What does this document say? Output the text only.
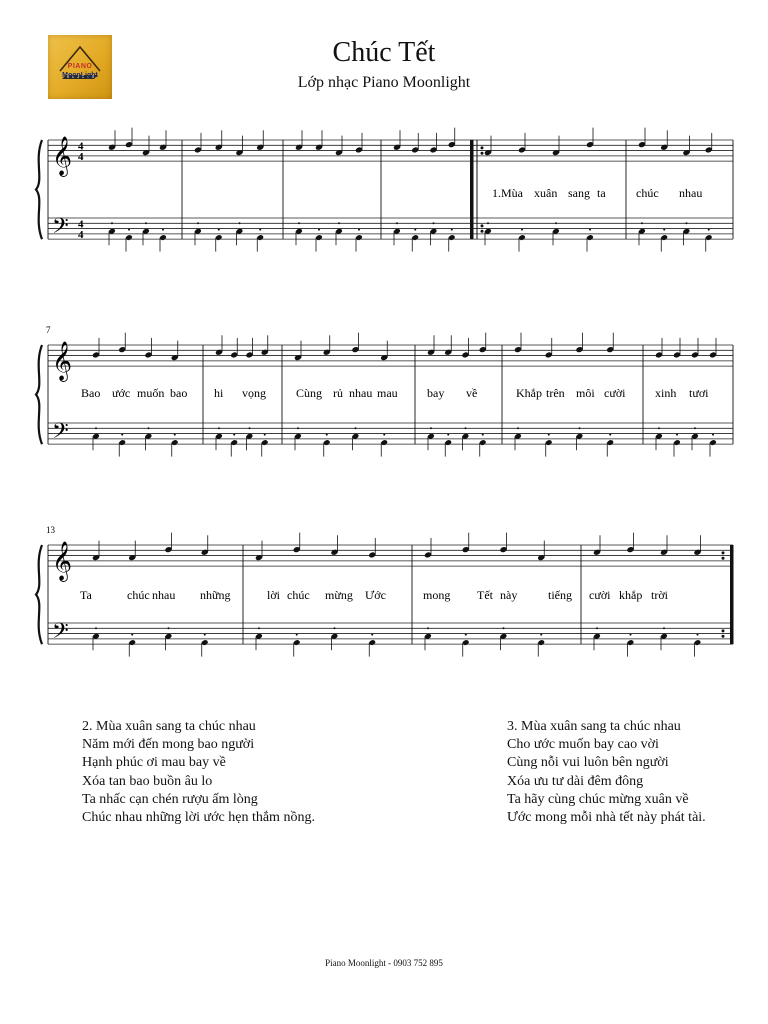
PIANO
MoonLight
Chúc Tết
Lớp nhạc Piano Moonlight
𝄞
𝄢
4
4
4
4
1.Mùa xuân sang ta	chúc nhau
𝄞
𝄢
7
Bao ước muốn bao hi vọng	Cùng rủ nhau mau bay về	Khắp trên môi cười xinh tươi
𝄞
𝄢
13
Ta	chúc nhau những	lời chúc mừng Ước	mong Tết này	tiếng cười khắp trời
2. Mùa xuân sang ta chúc nhau
Năm mới đến mong bao người
Hạnh phúc ơi mau bay về
Xóa tan bao buồn âu lo
Ta nhấc cạn chén rượu ấm lòng
Chúc nhau những lời ước hẹn thắm nồng.
3. Mùa xuân sang ta chúc nhau
Cho ước muốn bay cao vời
Cùng nỗi vui luôn bên người
Xóa ưu tư dài đêm đông
Ta hãy cùng chúc mừng xuân về
Ước mong mỗi nhà tết này phát tài.
Piano Moonlight - 0903 752 895
